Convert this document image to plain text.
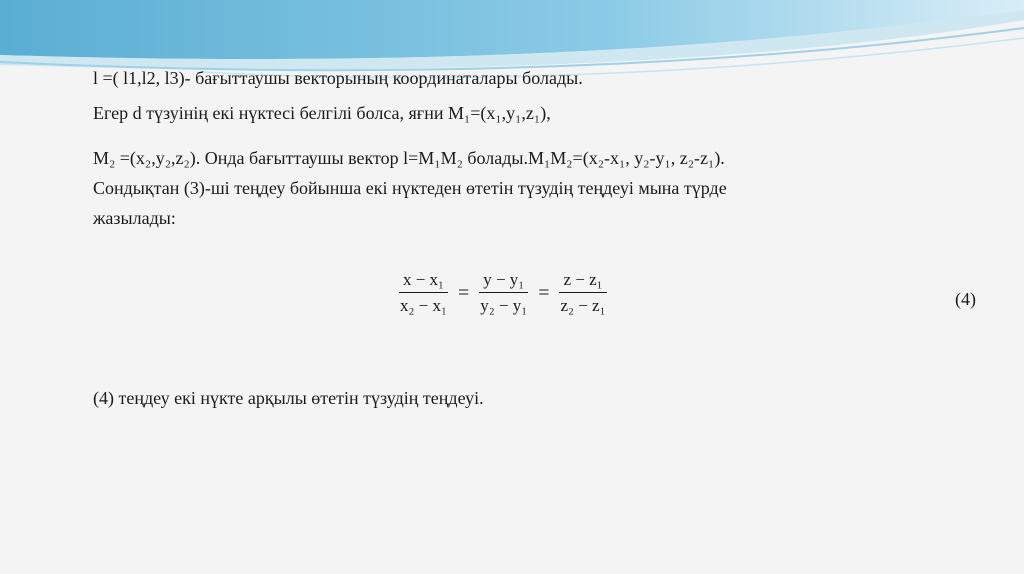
l =( l1,l2, l3)- бағыттаушы векторының координаталары болады.
Егер d түзуінің екі нүктесі белгілі болса, яғни M₁=(x₁,y₁,z₁),
M₂ =(x₂,y₂,z₂). Онда бағыттаушы вектор l=M₁M₂ болады.M₁M₂=(x₂-x₁, y₂-y₁, z₂-z₁).
Сондықтан (3)-ші теңдеу бойынша екі нүктеден өтетін түзудің теңдеуі мына түрде
жазылады:
$\frac{\text{x − x₁}}{\text{x₂ − x₁}} = \frac{\text{y − y₁}}{\text{y₂ − y₁}} = \frac{\text{z − z₁}}{\text{z₂ − z₁}}$	(4)
(4) теңдеу екі нүкте арқылы өтетін түзудің теңдеуі.
